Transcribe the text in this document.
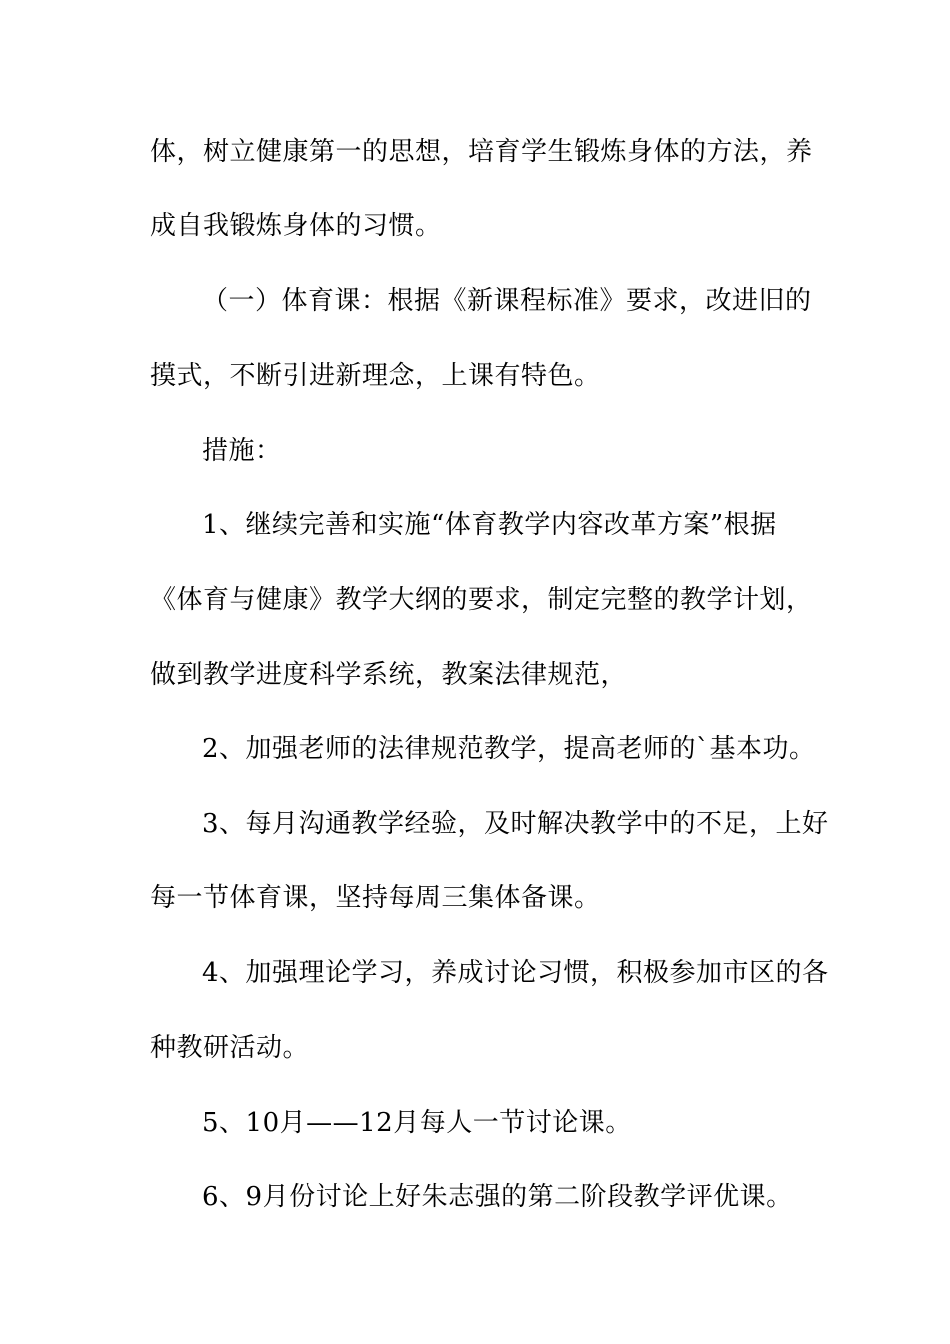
体，树立健康第一的思想，培育学生锻炼身体的方法，养
成自我锻炼身体的习惯。
（一）体育课：根据《新课程标准》要求，改进旧的
摸式，不断引进新理念，上课有特色。
措施：
1、继续完善和实施“体育教学内容改革方案”根据
《体育与健康》教学大纲的要求，制定完整的教学计划，
做到教学进度科学系统，教案法律规范，
2、加强老师的法律规范教学，提高老师的`基本功。
3、每月沟通教学经验，及时解决教学中的不足，上好
每一节体育课，坚持每周三集体备课。
4、加强理论学习，养成讨论习惯，积极参加市区的各
种教研活动。
5、10月——12月每人一节讨论课。
6、9月份讨论上好朱志强的第二阶段教学评优课。
